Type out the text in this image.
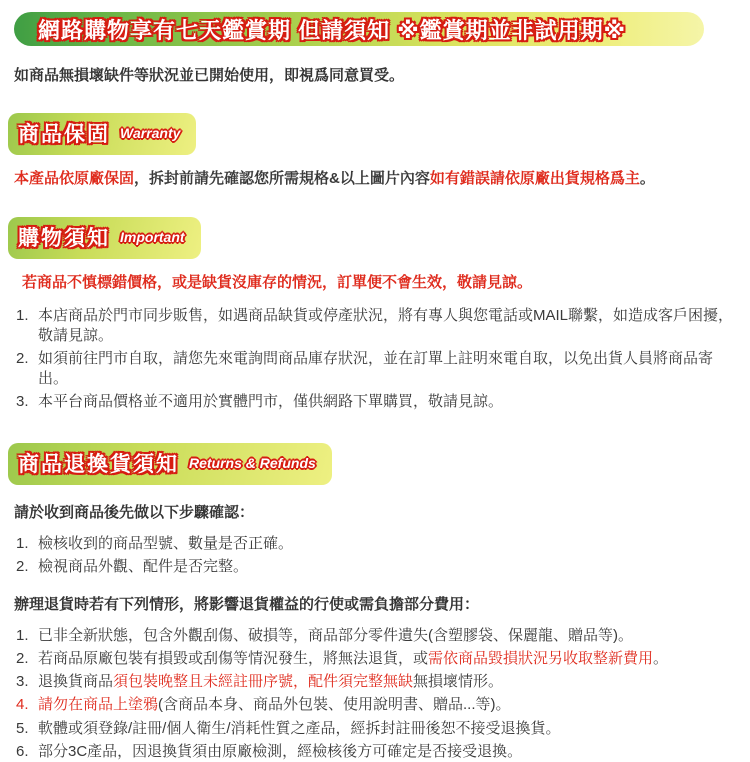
網路購物享有七天鑑賞期 但請須知 ※鑑賞期並非試用期※
如商品無損壞缺件等狀況並已開始使用，即視爲同意買受。
商品保固 Warranty
本產品依原廠保固，拆封前請先確認您所需規格&以上圖片內容如有錯誤請依原廠出貨規格爲主。
購物須知 Important
若商品不慎標錯價格，或是缺貨沒庫存的情況，訂單便不會生效，敬請見諒。
1. 本店商品於門市同步販售，如遇商品缺貨或停產狀況，將有專人與您電話或MAIL聯繫，如造成客戶困擾，敬請見諒。
2. 如須前往門市自取，請您先來電詢問商品庫存狀況，並在訂單上註明來電自取，以免出貨人員將商品寄出。
3. 本平台商品價格並不適用於實體門市，僅供網路下單購買，敬請見諒。
商品退換貨須知 Returns & Refunds
請於收到商品後先做以下步驟確認：
1. 檢核收到的商品型號、數量是否正確。
2. 檢視商品外觀、配件是否完整。
辦理退貨時若有下列情形，將影響退貨權益的行使或需負擔部分費用：
1. 已非全新狀態，包含外觀刮傷、破損等，商品部分零件遺失(含塑膠袋、保麗龍、贈品等)。
2. 若商品原廠包裝有損毀或刮傷等情況發生，將無法退貨，或需依商品毀損狀況另收取整新費用。
3. 退換貨商品須包裝晚整且未經註冊序號，配件須完整無缺無損壞情形。
4. 請勿在商品上塗鴉(含商品本身、商品外包裝、使用說明書、贈品...等)。
5. 軟體或須登錄/註冊/個人衛生/消耗性質之產品，經拆封註冊後恕不接受退換貨。
6. 部分3C產品，因退換貨須由原廠檢測，經檢核後方可確定是否接受退換。
